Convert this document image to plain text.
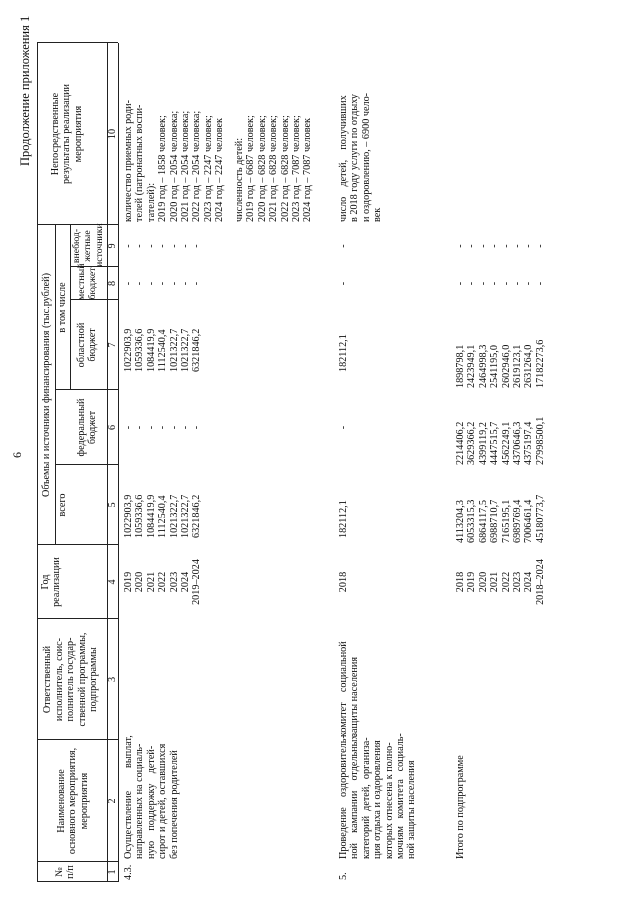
6
Продолжение приложения 1
№
п/п
Наименование
основного мероприятия,
мероприятия
Ответственный
исполнитель, соис-
полнитель государ-
ственной программы,
подпрограммы
Год
реализации
Объемы и источники финансирования (тыс.рублей)
всего
в том числе
федеральный
бюджет
областной
бюджет
местный
бюджет
внебюд-
жетные
источники
Непосредственные
результаты реализации
мероприятия
1
2
3
4
5
6
7
8
9
10
4.3.
Осуществление         выплат, направленных на социаль- ную    поддержку    детей- сирот и детей, оставшихся без попечения родителей
2019
2020
2021
2022
2023
2024
2019–2024
1022903,9
1059336,6
1084419,9
1112540,4
1021322,7
1021322,7
6321846,2
-
-
-
-
-
-
-
1022903,9
1059336,6
1084419,9
1112540,4
1021322,7
1021322,7
6321846,2
-
-
-
-
-
-
-
-
-
-
-
-
-
-
количество приемных роди-
телей (патронатных воспи-
тателей):
2019 год – 1858 человек;
2020 год – 2054 человека;
2021 год – 2054 человека;
2022 год – 2054 человека;
2023 год – 2247 человек;
2024 год – 2247 человек
численность детей:
2019 год – 6687 человек;
2020 год – 6828 человек;
2021 год – 6828 человек;
2022 год – 6828 человек;
2023 год – 7087 человек;
2024 год – 7087 человек
5.
Проведение    оздоровитель- ной    кампании    отдельных категорий  детей,  организа- ция отдыха и оздоровления которых отнесена к полно- мочиям   комитета   социаль- ной защиты населения
комитет    социальной защиты населения
2018
182112,1
-
182112,1
-
-
число    детей,    получивших
в 2018 году услуги по отдыху
и оздоровлению, – 6900 чело-
век
Итого по подпрограмме
2018
2019
2020
2021
2022
2023
2024
2018–2024
4113204,3
6053315,3
6864117,5
6988710,7
7165195,1
6989769,4
7006461,4
45180773,7
2214406,2
3629366,2
4399119,2
4447515,7
4562249,1
4370646,3
4375197,4
27998500,1
1898798,1
2423949,1
2464998,3
2541195,0
2602946,0
2619123,1
2631264,0
17182273,6
-
-
-
-
-
-
-
-
-
-
-
-
-
-
-
-
